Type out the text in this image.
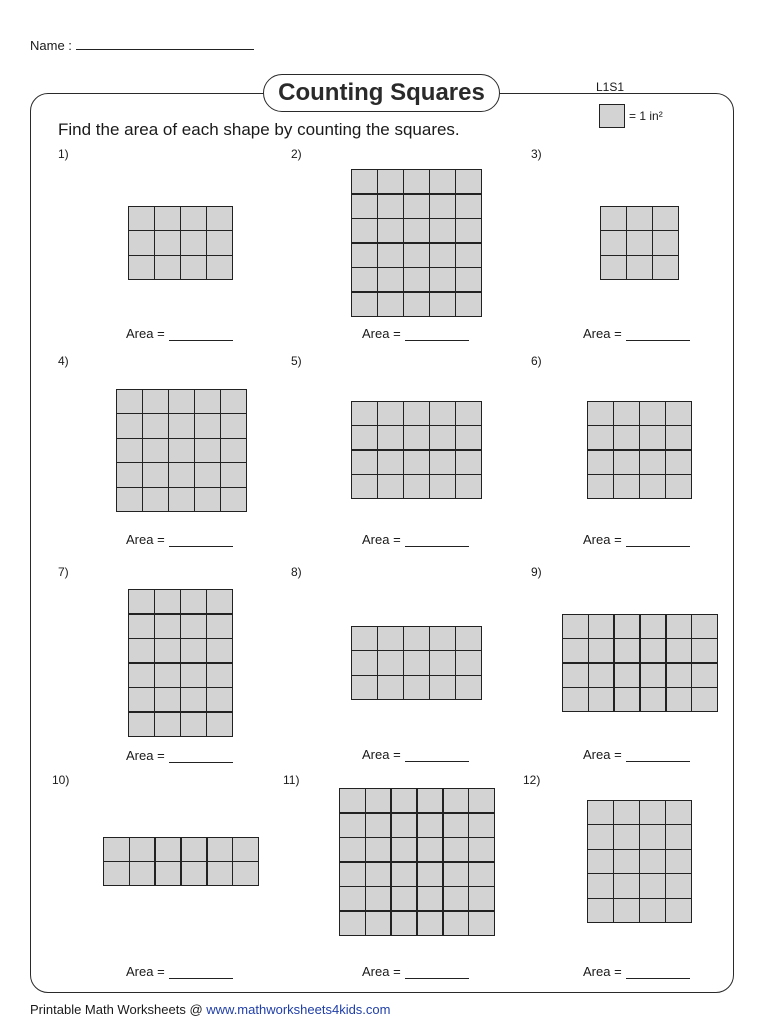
Name :
L1S1
Counting Squares
= 1 in²
Find the area of each shape by counting the squares.
1)
Area =
2)
Area =
3)
Area =
4)
Area =
5)
Area =
6)
Area =
7)
Area =
8)
Area =
9)
Area =
10)
Area =
11)
Area =
12)
Area =
Printable Math Worksheets @ www.mathworksheets4kids.com
